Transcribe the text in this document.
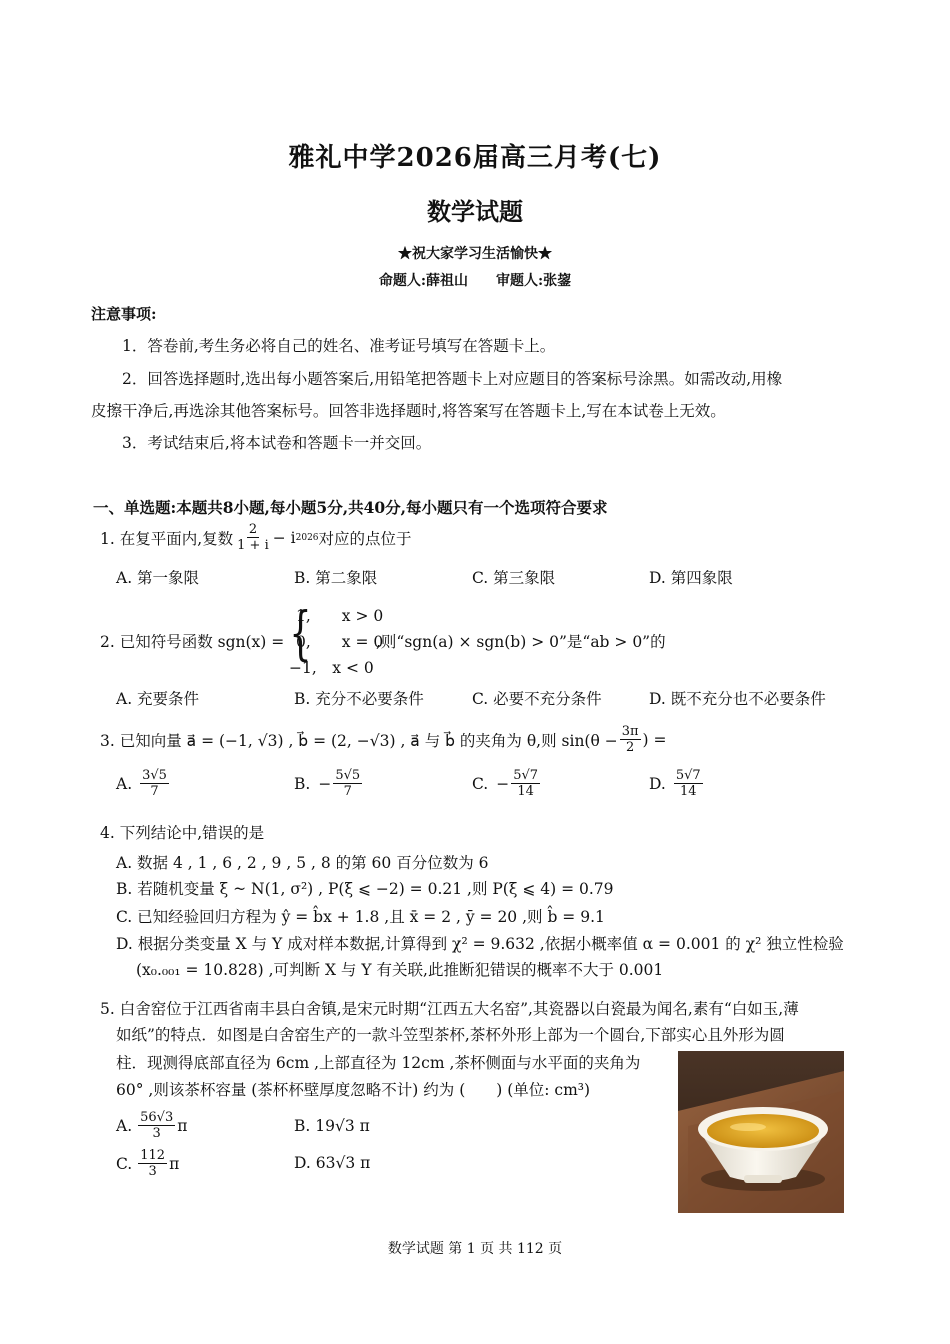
雅礼中学2026届高三月考(七)
数学试题
★祝大家学习生活愉快★
命题人:薛祖山　　审题人:张鋆
注意事项:
1．答卷前,考生务必将自己的姓名、准考证号填写在答题卡上。
2．回答选择题时,选出每小题答案后,用铅笔把答题卡上对应题目的答案标号涂黑。如需改动,用橡
皮擦干净后,再选涂其他答案标号。回答非选择题时,将答案写在答题卡上,写在本试卷上无效。
3．考试结束后,将本试卷和答题卡一并交回。
一、单选题:本题共8小题,每小题5分,共40分,每小题只有一个选项符合要求
1. 在复平面内,复数 $\frac{2}{1 + i} - i$ 2026 对应的点位于
A. 第一象限	B. 第二象限	C. 第三象限	D. 第四象限
2. 已知符号函数 sgn(x) = {
1,　　x > 0
0,　　x = 0
−1,　x < 0
,则“sgn(a) × sgn(b) > 0”是“ab > 0”的
A. 充要条件	B. 充分不必要条件	C. 必要不充分条件	D. 既不充分也不必要条件
3. 已知向量 a⃗ = (−1, √3) , b⃗ = (2, −√3) , a⃗ 与 b⃗ 的夹角为 θ,则 $\sin(\theta - \frac{3\pi}{2}$ ) =
A. $\frac{3√5}{7}$	B. − $\frac{5√5}{7}$	C. − $\frac{5√7}{14}$	D. $\frac{5√7}{14}$
4. 下列结论中,错误的是
A. 数据 4 , 1 , 6 , 2 , 9 , 5 , 8 的第 60 百分位数为 6
B. 若随机变量 ξ ~ N(1, σ²) , P(ξ ⩽ −2) = 0.21 ,则 P(ξ ⩽ 4) = 0.79
C. 已知经验回归方程为 ŷ = b̂x + 1.8 ,且 x̄ = 2 , ȳ = 20 ,则 b̂ = 9.1
D. 根据分类变量 X 与 Y 成对样本数据,计算得到 χ² = 9.632 ,依据小概率值 α = 0.001 的 χ² 独立性检验
(x₀.₀₀₁ = 10.828) ,可判断 X 与 Y 有关联,此推断犯错误的概率不大于 0.001
5. 白舍窑位于江西省南丰县白舍镇,是宋元时期“江西五大名窑”,其瓷器以白瓷最为闻名,素有“白如玉,薄
如纸”的特点．如图是白舍窑生产的一款斗笠型茶杯,茶杯外形上部为一个圆台,下部实心且外形为圆
柱．现测得底部直径为 6cm ,上部直径为 12cm ,茶杯侧面与水平面的夹角为
60° ,则该茶杯容量 (茶杯杯壁厚度忽略不计) 约为 (　　) (单位: cm³)
A. $\frac{56√3}{3}$ π	B. 19√3 π
C. $\frac{112}{3}$ π	D. 63√3 π
数学试题 第 1 页 共 112 页
